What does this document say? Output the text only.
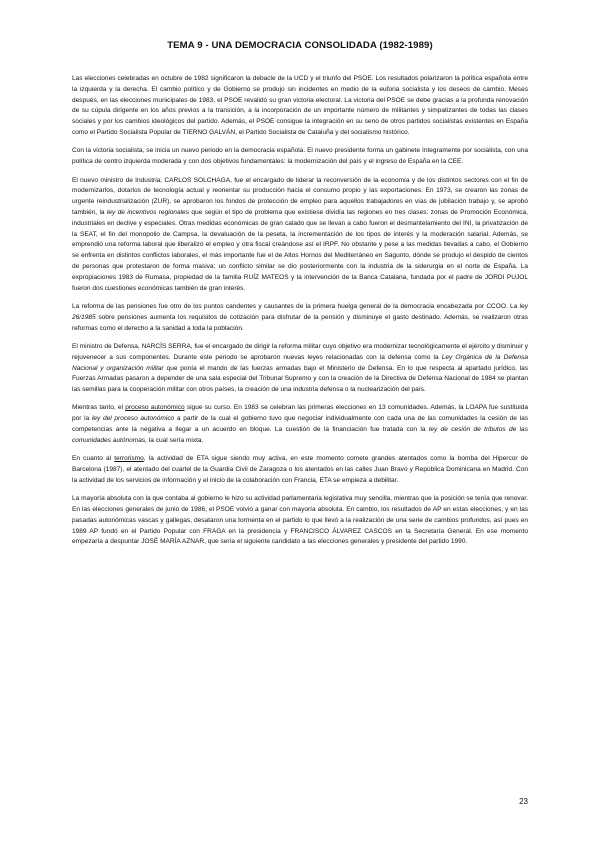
TEMA 9 - UNA DEMOCRACIA CONSOLIDADA (1982-1989)

Las elecciones celebradas en octubre de 1982 significaron la debacle de la UCD y el triunfo del PSOE. Los resultados polarizaron la política española entre la izquierda y la derecha. El cambio político y de Gobierno se produjo sin incidentes en medio de la euforia socialista y los deseos de cambio. Meses después, en las elecciones municipales de 1983, el PSOE revalidó su gran victoria electoral. La victoria del PSOE se debe gracias a la profunda renovación de su cúpula dirigente en los años previos a la transición, a la incorporación de un importante número de militantes y simpatizantes de todas las clases sociales y por los cambios ideológicos del partido. Además, el PSOE consigue la integración en su seno de otros partidos socialistas existentes en España como el Partido Socialista Popular de TIERNO GALVÁN, el Partido Socialista de Cataluña y del socialismo histórico.

Con la victoria socialista, se inicia un nuevo periodo en la democracia española. El nuevo presidente forma un gabinete íntegramente por socialista, con una política de centro izquierda moderada y con dos objetivos fundamentales: la modernización del país y el ingreso de España en la CEE.

El nuevo ministro de Industria, CARLOS SOLCHAGA, fue el encargado de liderar la reconversión de la economía y de los distintos sectores con el fin de modernizarlos, dotarlos de tecnología actual y reorientar su producción hacia el consumo propio y las exportaciones. En 1973, se crearon las zonas de urgente reindustrialización (ZUR), se aprobaron los fondos de protección de empleo para aquellos trabajadores en vías de jubilación trabajo y, se aprobó también, la ley de incentivos regionales que según el tipo de problema que existiese dividía las regiones en tres clases: zonas de Promoción Económica, industriales en declive y especiales. Otras medidas económicas de gran calado que se llevan a cabo fueron el desmantelamiento del INI, la privatización de la SEAT, el fin del monopolio de Campsa, la devaluación de la peseta, la incrementación de los tipos de interés y la moderación salarial. Además, se emprendió una reforma laboral que liberalizó el empleo y otra fiscal creándose así el IRPF. No obstante y pese a las medidas llevadas a cabo, el Gobierno se enfrenta en distintos conflictos laborales, el más importante fue el de Altos Hornos del Mediterráneo en Sagunto, dónde se produjo el despido de cientos de personas que protestaron de forma masiva; un conflicto similar se dio posteriormente con la industria de la siderurgia en el norte de España. La expropiaciones 1983 de Rumasa, propiedad de la familia RUÍZ MATEOS y la intervención de la Banca Catalana, fundada por el padre de JORDI PUJOL fueron dos cuestiones económicas también de gran interés.

La reforma de las pensiones fue otro de los puntos candentes y causantes de la primera huelga general de la democracia encabezada por CCOO. La ley 26/1985 sobre pensiones aumenta los requisitos de cotización para disfrutar de la pensión y disminuye el gasto destinado. Además, se realizaron otras reformas como el derecho a la sanidad a toda la población.

El ministro de Defensa, NARCÍS SERRA, fue el encargado de dirigir la reforma militar cuyo objetivo era modernizar tecnológicamente el ejército y disminuir y rejuvenecer a sus componentes. Durante este periodo se aprobaron nuevas leyes relacionadas con la defensa como la Ley Orgánica de la Defensa Nacional y organización militar que ponía el mando de las fuerzas armadas bajo el Ministerio de Defensa. En lo que respecta al apartado jurídico, las Fuerzas Armadas pasaron a depender de una sala especial del Tribunal Supremo y con la creación de la Directiva de Defensa Nacional de 1984 se plantan las semillas para la cooperación militar con otros países, la creación de una industria defensa o la nuclearización del país.

Mientras tanto, el proceso autonómico sigue su curso. En 1983 se celebran las primeras elecciones en 13 comunidades. Además, la LOAPA fue sustituida por la ley del proceso autonómico a partir de la cual el gobierno tuvo que negociar individualmente con cada una de las comunidades la cesión de las competencias ante la negativa a llegar a un acuerdo en bloque. La cuestión de la financiación fue tratada con la ley de cesión de tributos de las comunidades autónomas, la cual sería mixta.

En cuanto al terrorismo, la actividad de ETA sigue siendo muy activa, en este momento comete grandes atentados como la bomba del Hipercor de Barcelona (1987), el atentado del cuartel de la Guardia Civil de Zaragoza o los atentados en las calles Juan Bravo y República Dominicana en Madrid. Con la actividad de los servicios de información y el inicio de la colaboración con Francia, ETA se empieza a debilitar.

La mayoría absoluta con la que contaba al gobierno le hizo su actividad parlamentaria legislativa muy sencilla, mientras que la posición se tenía que renovar. En las elecciones generales de junio de 1986, el PSOE volvió a ganar con mayoría absoluta. En cambio, los resultados de AP en estas elecciones, y en las pasadas autonómicas vascas y gallegas, desataron una tormenta en el partido lo que llevó a la realización de una serie de cambios profundos, así pues en 1989 AP fundó en el Partido Popular con FRAGA en la presidencia y FRANCISCO ÁLVAREZ CASCOS en la Secretaría General. En ese momento empezaría a despuntar JOSÉ MARÍA AZNAR, que sería el siguiente candidato a las elecciones generales y presidente del partido 1990.

23
